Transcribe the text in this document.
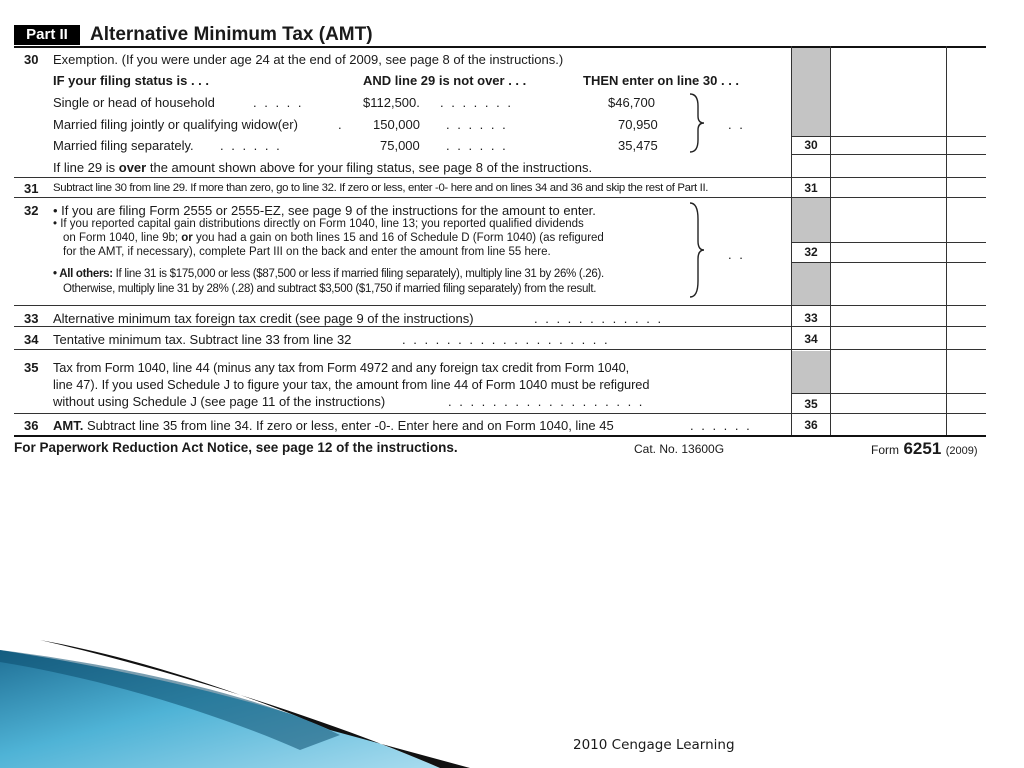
Part II	Alternative Minimum Tax (AMT)
30 Exemption. (If you were under age 24 at the end of 2009, see page 8 of the instructions.)
IF your filing status is . . .	AND line 29 is not over . . .	THEN enter on line 30 . . .
Single or head of household	. . . . .	$112,500. . . . . . . .	$46,700
Married filing jointly or qualifying widow(er)	. 150,000 . . . . . .	70,950
Married filing separately. . . . . . .	75,000 . . . . . .	35,475
. .
30
If line 29 is over the amount shown above for your filing status, see page 8 of the instructions.
31 Subtract line 30 from line 29. If more than zero, go to line 32. If zero or less, enter -0- here and on lines 34 and 36 and skip the rest of Part II.	31
32 • If you are filing Form 2555 or 2555-EZ, see page 9 of the instructions for the amount to enter.
• If you reported capital gain distributions directly on Form 1040, line 13; you reported qualified dividends
on Form 1040, line 9b; or you had a gain on both lines 15 and 16 of Schedule D (Form 1040) (as refigured
for the AMT, if necessary), complete Part III on the back and enter the amount from line 55 here.
• All others: If line 31 is $175,000 or less ($87,500 or less if married filing separately), multiply line 31 by 26% (.26).
Otherwise, multiply line 31 by 28% (.28) and subtract $3,500 ($1,750 if married filing separately) from the result.
. .	32
33 Alternative minimum tax foreign tax credit (see page 9 of the instructions)	. . . . . . . . . . . .	33
34 Tentative minimum tax. Subtract line 33 from line 32	. . . . . . . . . . . . . . . . . . .	34
35 Tax from Form 1040, line 44 (minus any tax from Form 4972 and any foreign tax credit from Form 1040,
line 47). If you used Schedule J to figure your tax, the amount from line 44 of Form 1040 must be refigured
without using Schedule J (see page 11 of the instructions)	. . . . . . . . . . . . . . . . . .	35
36 AMT. Subtract line 35 from line 34. If zero or less, enter -0-. Enter here and on Form 1040, line 45	. . . . . .	36
For Paperwork Reduction Act Notice, see page 12 of the instructions.	Cat. No. 13600G	Form 6251 (2009)
2010 Cengage Learning
